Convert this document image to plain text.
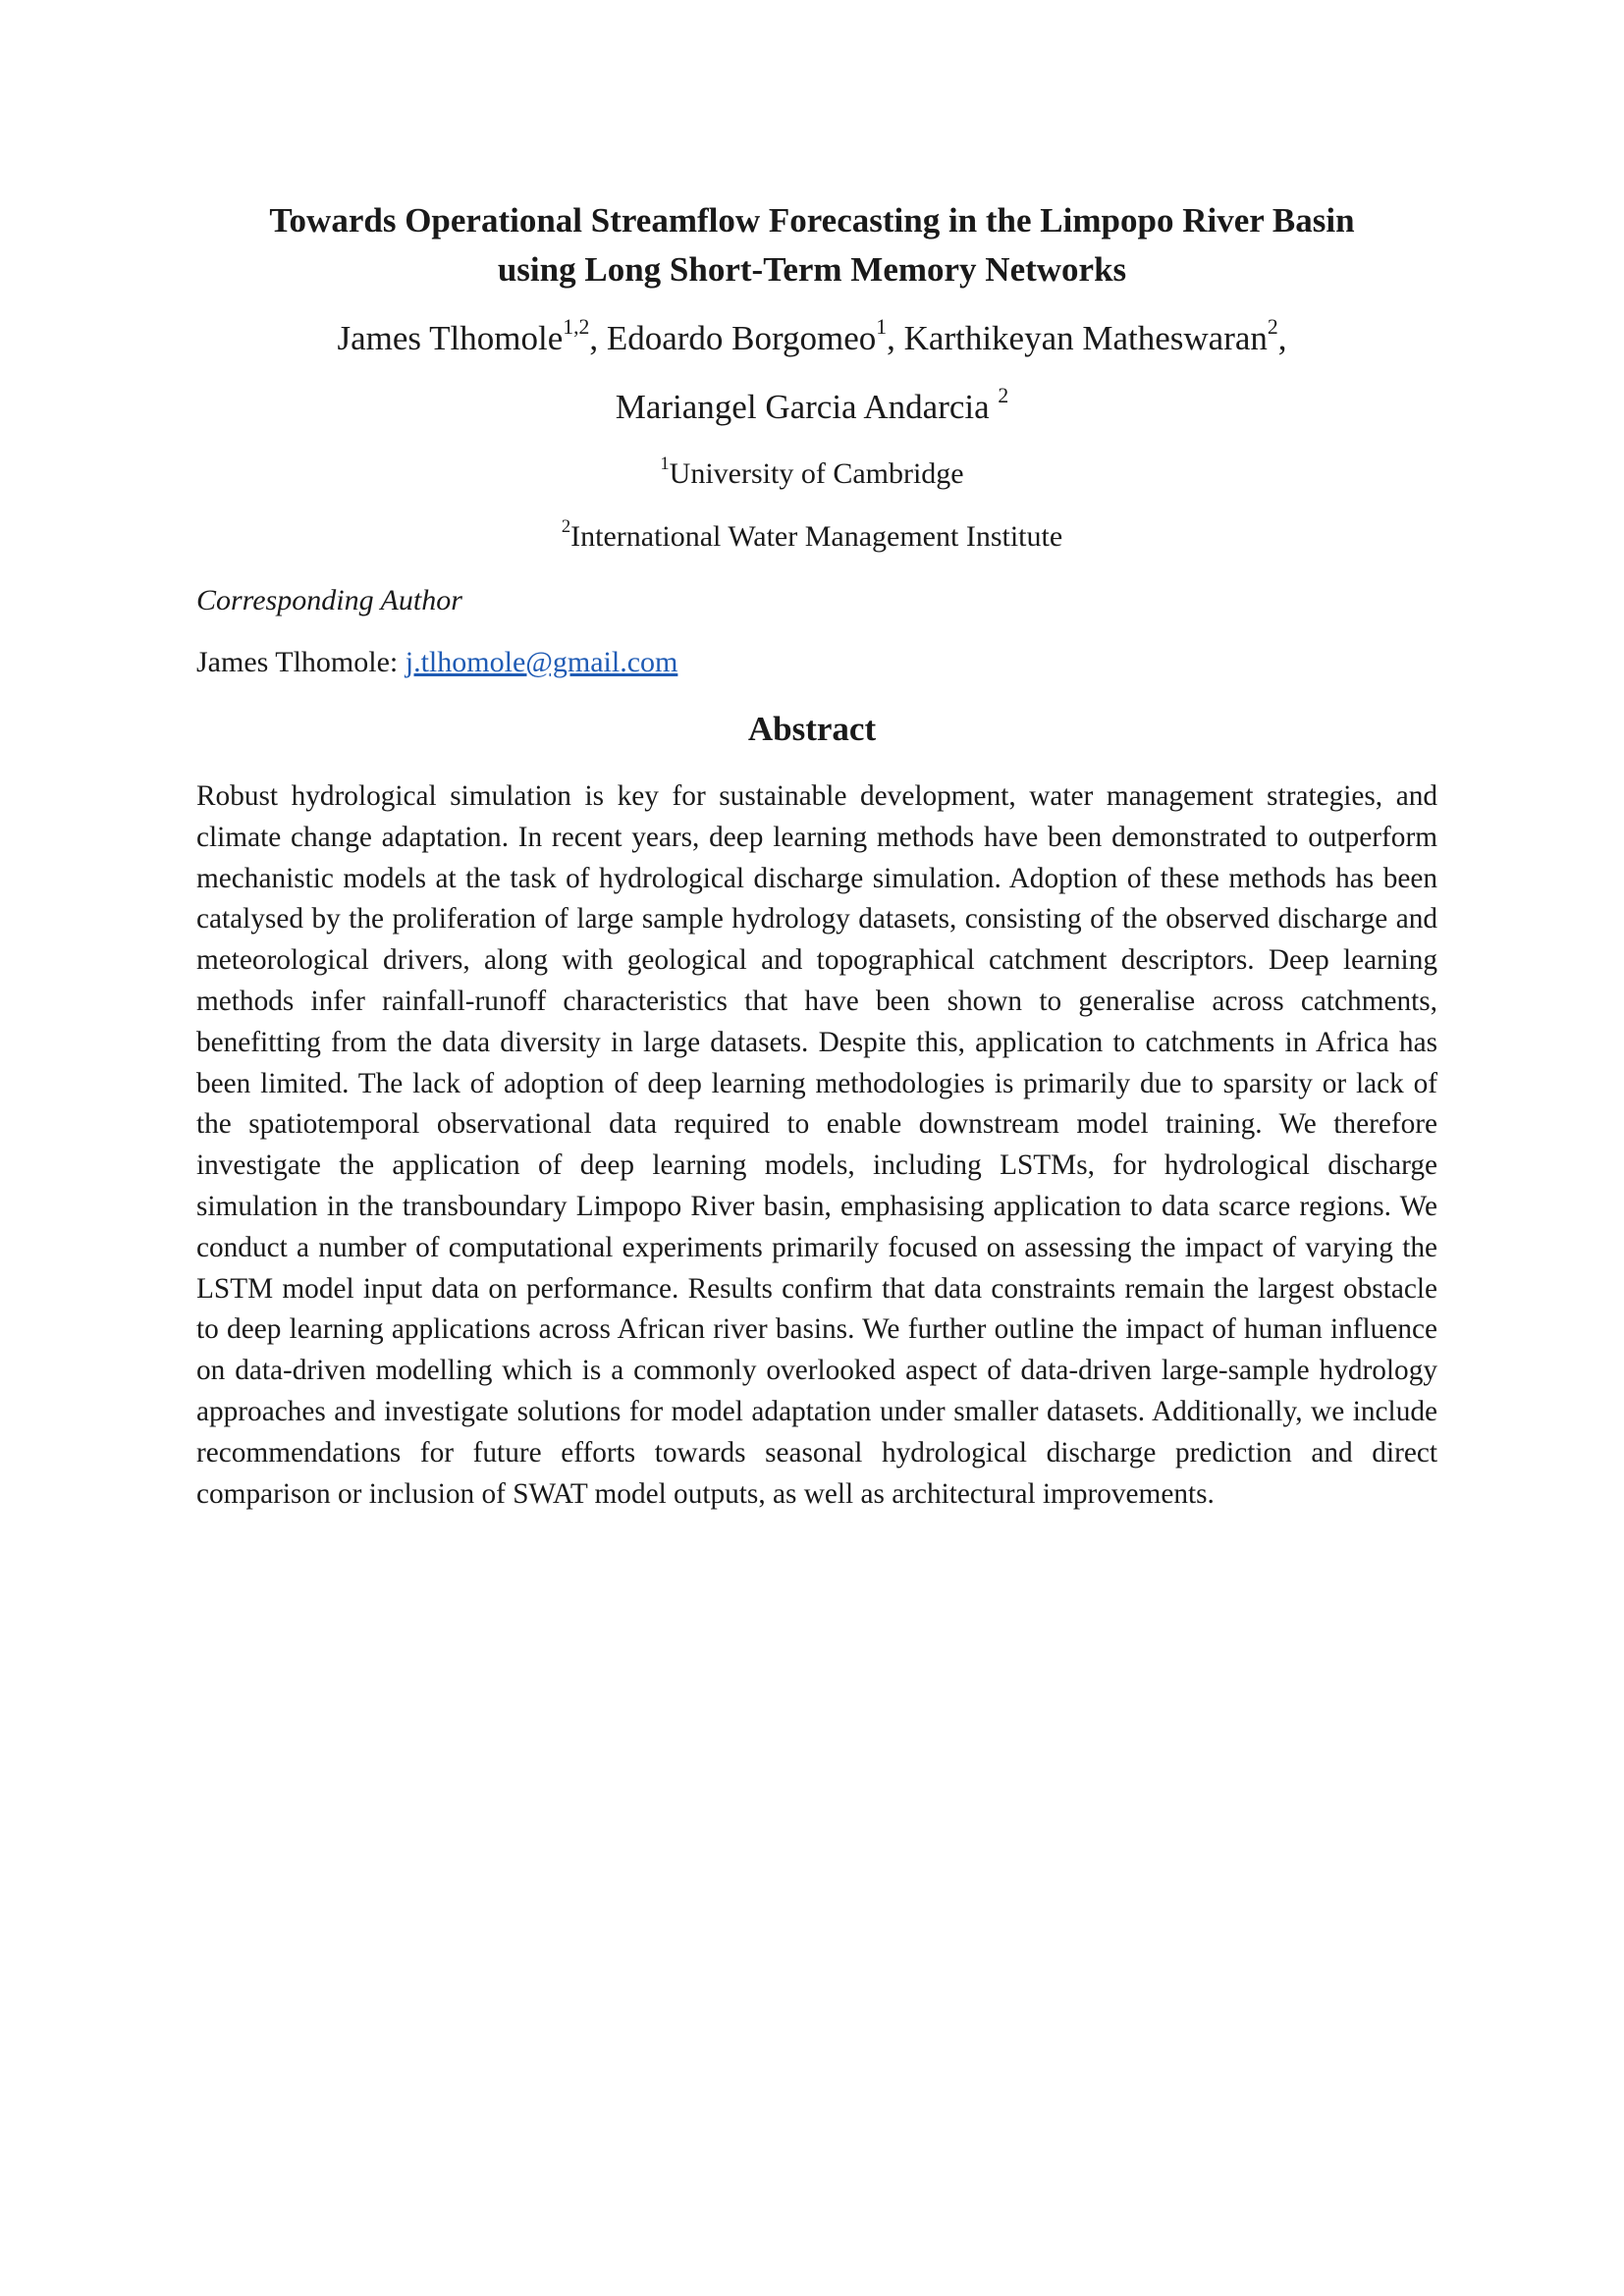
Towards Operational Streamflow Forecasting in the Limpopo River Basin
using Long Short-Term Memory Networks

James Tlhomole$^{1,2}$, Edoardo Borgomeo$^1$, Karthikeyan Matheswaran$^2$,

Mariangel Garcia Andarcia $^2$

$^1$University of Cambridge

$^2$International Water Management Institute

Corresponding Author

James Tlhomole: j.tlhomole@gmail.com

Abstract

Robust hydrological simulation is key for sustainable development, water management strategies, and climate change adaptation. In recent years, deep learning methods have been demonstrated to outperform mechanistic models at the task of hydrological discharge simulation. Adoption of these methods has been catalysed by the proliferation of large sample hydrology datasets, consisting of the observed discharge and meteorological drivers, along with geological and topographical catchment descriptors. Deep learning methods infer rainfall-runoff characteristics that have been shown to generalise across catchments, benefitting from the data diversity in large datasets. Despite this, application to catchments in Africa has been limited. The lack of adoption of deep learning methodologies is primarily due to sparsity or lack of the spatiotemporal observational data required to enable downstream model training. We therefore investigate the application of deep learning models, including LSTMs, for hydrological discharge simulation in the transboundary Limpopo River basin, emphasising application to data scarce regions. We conduct a number of computational experiments primarily focused on assessing the impact of varying the LSTM model input data on performance. Results confirm that data constraints remain the largest obstacle to deep learning applications across African river basins. We further outline the impact of human influence on data-driven modelling which is a commonly overlooked aspect of data-driven large-sample hydrology approaches and investigate solutions for model adaptation under smaller datasets. Additionally, we include recommendations for future efforts towards seasonal hydrological discharge prediction and direct comparison or inclusion of SWAT model outputs, as well as architectural improvements.
